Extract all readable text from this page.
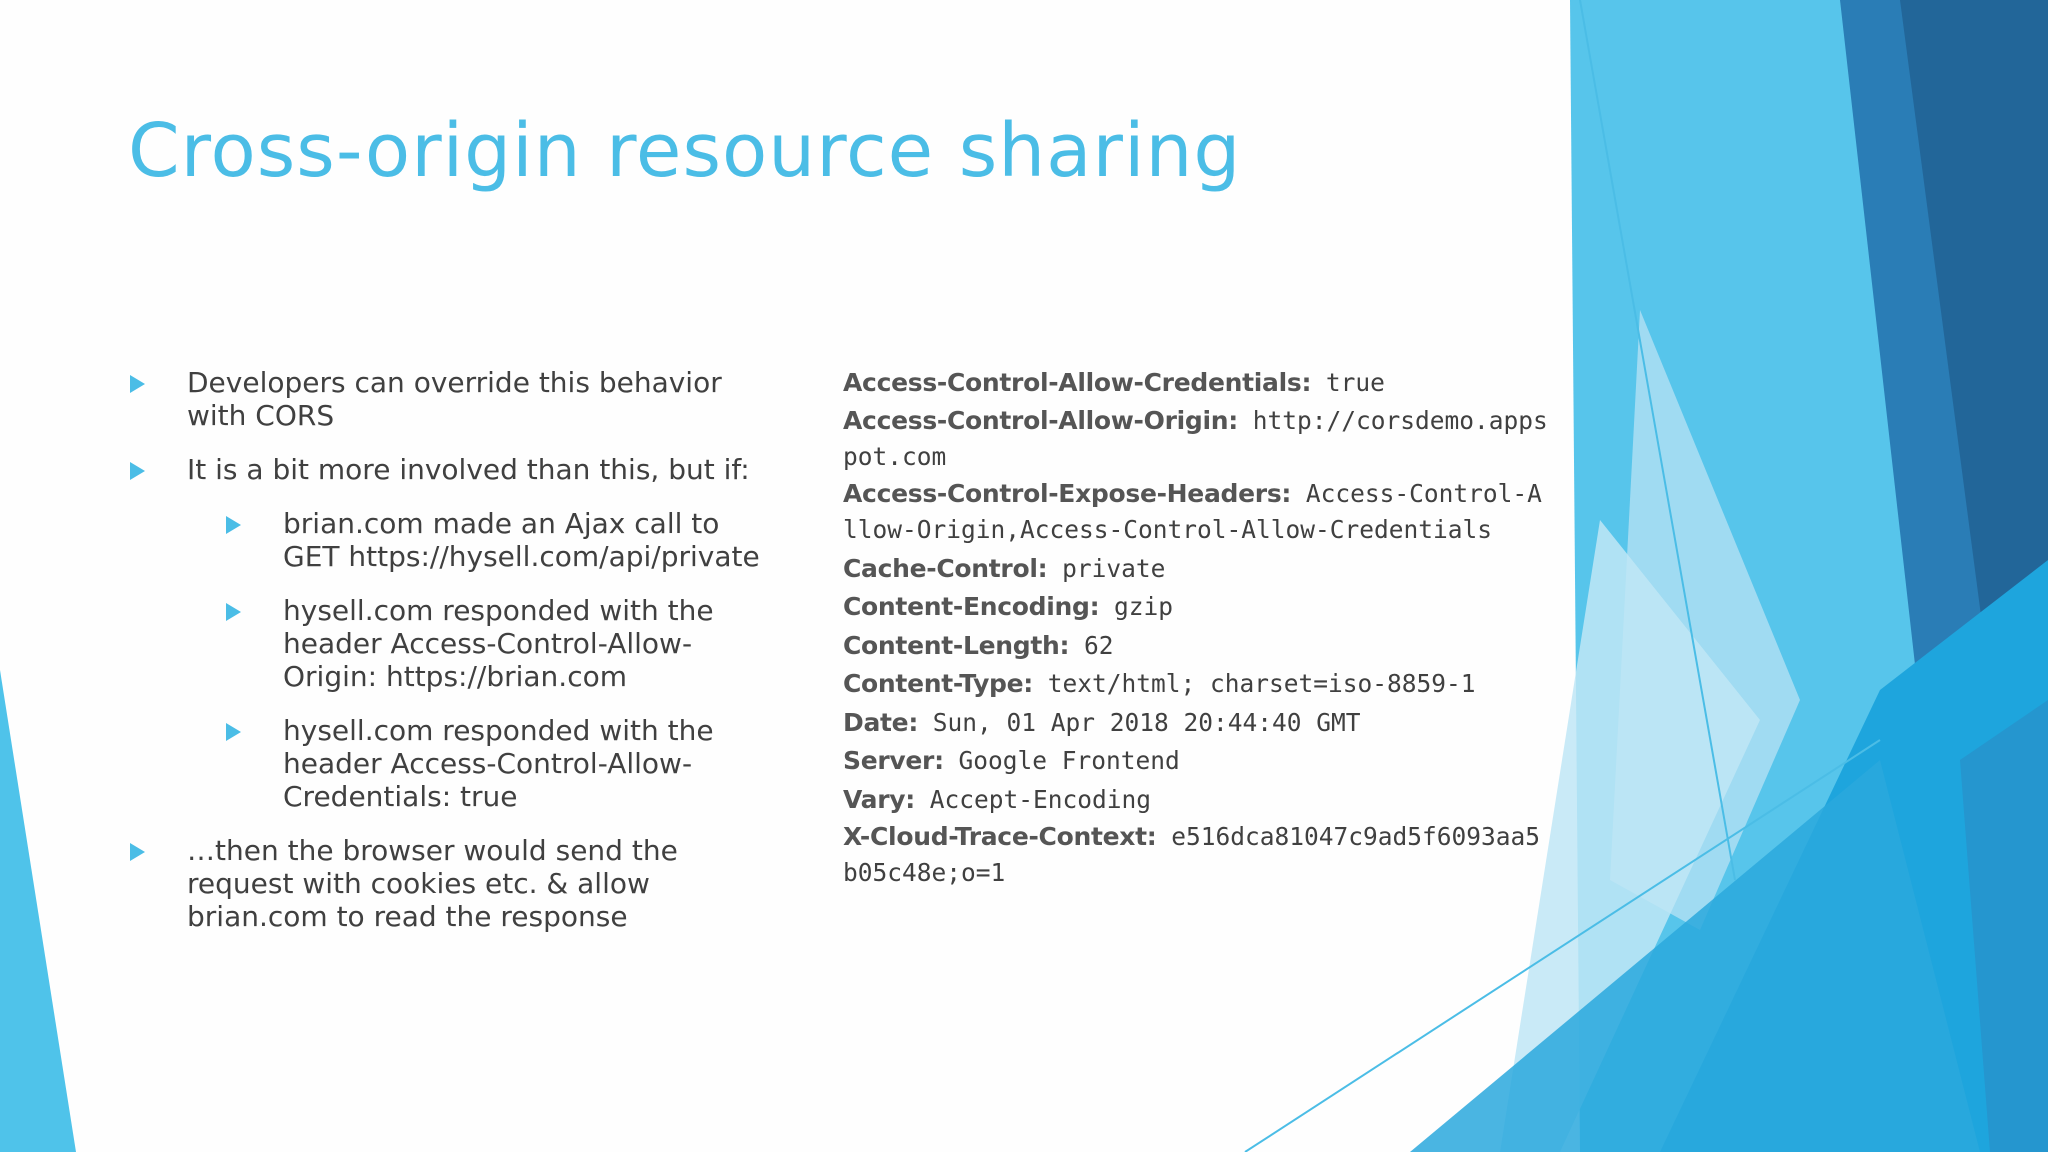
Cross-origin resource sharing
Developers can override this behavior with CORS
It is a bit more involved than this, but if:
brian.com made an Ajax call to GET https://hysell.com/api/private
hysell.com responded with the header Access-Control-Allow-Origin: https://brian.com
hysell.com responded with the header Access-Control-Allow-Credentials: true
…then the browser would send the request with cookies etc. & allow brian.com to read the response
Access-Control-Allow-Credentials: true
Access-Control-Allow-Origin: http://corsdemo.appspot.com
Access-Control-Expose-Headers: Access-Control-Allow-Origin,Access-Control-Allow-Credentials
Cache-Control: private
Content-Encoding: gzip
Content-Length: 62
Content-Type: text/html; charset=iso-8859-1
Date: Sun, 01 Apr 2018 20:44:40 GMT
Server: Google Frontend
Vary: Accept-Encoding
X-Cloud-Trace-Context: e516dca81047c9ad5f6093aa5b05c48e;o=1
